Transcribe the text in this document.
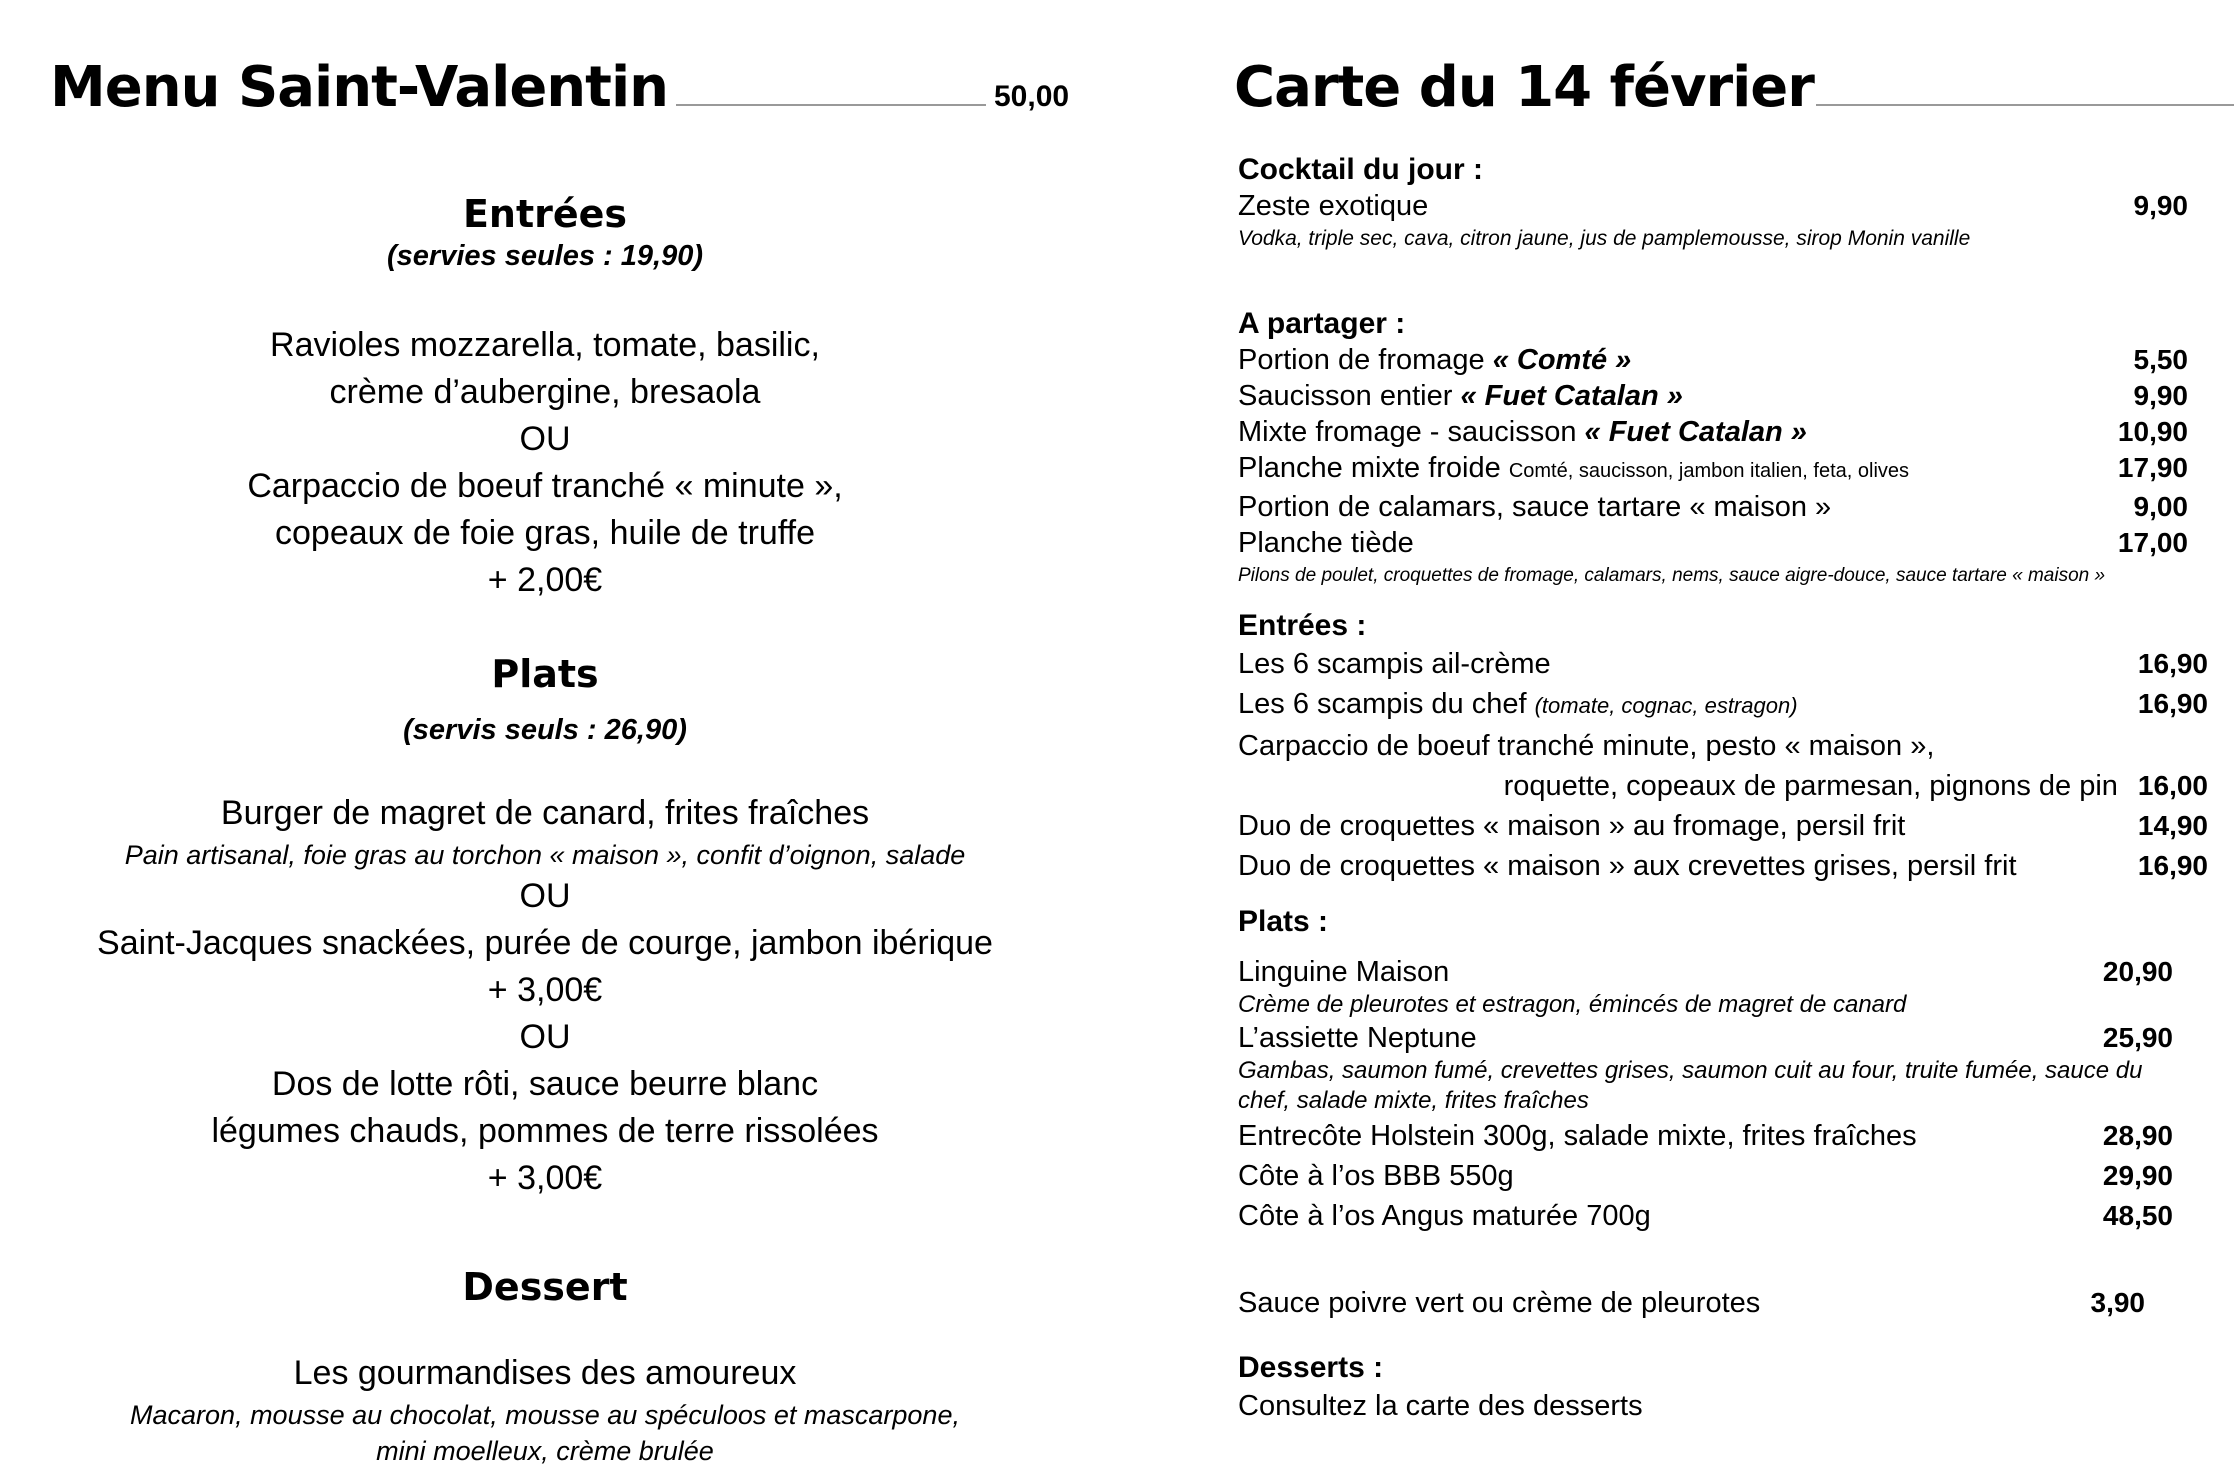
Menu Saint-Valentin	50,00
Entrées
(servies seules : 19,90)
Ravioles mozzarella, tomate, basilic,
crème d’aubergine, bresaola
OU
Carpaccio de boeuf tranché « minute »,
copeaux de foie gras, huile de truffe
+ 2,00€
Plats
(servis seuls : 26,90)
Burger de magret de canard, frites fraîches
Pain artisanal, foie gras au torchon « maison », confit d’oignon, salade
OU
Saint-Jacques snackées, purée de courge, jambon ibérique
+ 3,00€
OU
Dos de lotte rôti, sauce beurre blanc
légumes chauds, pommes de terre rissolées
+ 3,00€
Dessert
Les gourmandises des amoureux
Macaron, mousse au chocolat, mousse au spéculoos et mascarpone,
mini moelleux, crème brulée
Carte du 14 février
Cocktail du jour :
Zeste exotique	9,90
Vodka, triple sec, cava, citron jaune, jus de pamplemousse, sirop Monin vanille
A partager :
Portion de fromage « Comté »	5,50
Saucisson entier « Fuet Catalan »	9,90
Mixte fromage - saucisson « Fuet Catalan »	10,90
Planche mixte froide Comté, saucisson, jambon italien, feta, olives	17,90
Portion de calamars, sauce tartare « maison »	9,00
Planche tiède	17,00
Pilons de poulet, croquettes de fromage, calamars, nems, sauce aigre-douce, sauce tartare « maison »
Entrées :
Les 6 scampis ail-crème	16,90
Les 6 scampis du chef (tomate, cognac, estragon)	16,90
Carpaccio de boeuf tranché minute, pesto « maison »,
roquette, copeaux de parmesan, pignons de pin 16,00
Duo de croquettes « maison » au fromage, persil frit	14,90
Duo de croquettes « maison » aux crevettes grises, persil frit	16,90
Plats :
Linguine Maison	20,90
Crème de pleurotes et estragon, émincés de magret de canard
L’assiette Neptune	25,90
Gambas, saumon fumé, crevettes grises, saumon cuit au four, truite fumée, sauce du chef, salade mixte, frites fraîches
Entrecôte Holstein 300g, salade mixte, frites fraîches	28,90
Côte à l’os BBB 550g	29,90
Côte à l’os Angus maturée 700g	48,50
Sauce poivre vert ou crème de pleurotes	3,90
Desserts :
Consultez la carte des desserts
